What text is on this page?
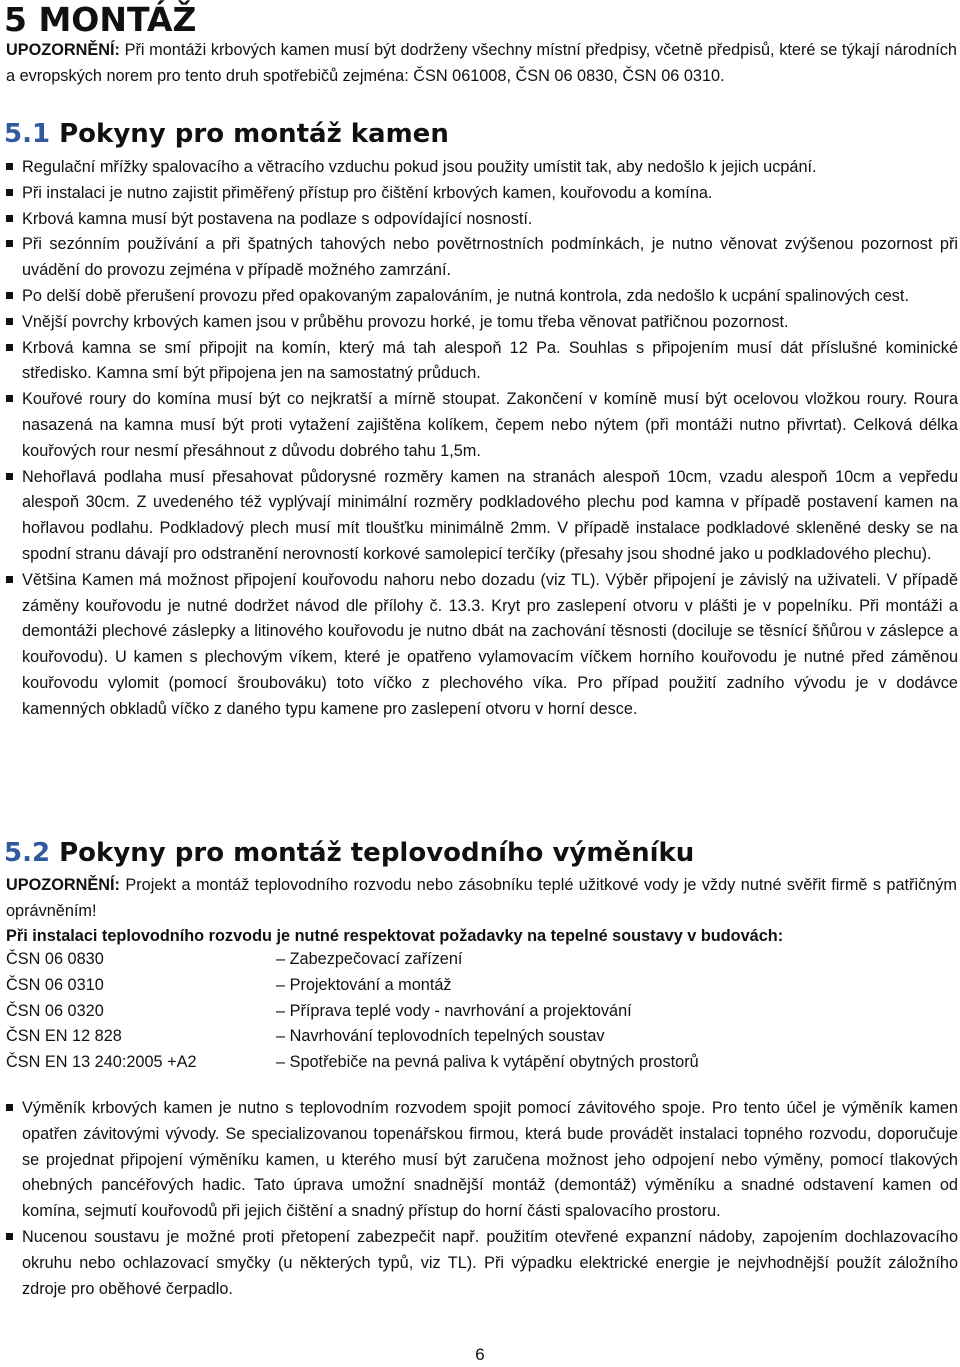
5 MONTÁŽ

UPOZORNĚNÍ: Při montáži krbových kamen musí být dodrženy všechny místní předpisy, včetně předpisů, které se týkají národních a evropských norem pro tento druh spotřebičů zejména: ČSN 061008, ČSN 06 0830, ČSN 06 0310.

5.1 Pokyny pro montáž kamen
Regulační mřížky spalovacího a větracího vzduchu pokud jsou použity umístit tak, aby nedošlo k jejich ucpání.
Při instalaci je nutno zajistit přiměřený přístup pro čištění krbových kamen, kouřovodu a komína.
Krbová kamna musí být postavena na podlaze s odpovídající nosností.
Při sezónním používání a při špatných tahových nebo povětrnostních podmínkách, je nutno věnovat zvýšenou pozornost při uvádění do provozu zejména v případě možného zamrzání.
Po delší době přerušení provozu před opakovaným zapalováním, je nutná kontrola, zda nedošlo k ucpání spalinových cest.
Vnější povrchy krbových kamen jsou v průběhu provozu horké, je tomu třeba věnovat patřičnou pozornost.
Krbová kamna se smí připojit na komín, který má tah alespoň 12 Pa. Souhlas s připojením musí dát příslušné kominické středisko. Kamna smí být připojena jen na samostatný průduch.
Kouřové roury do komína musí být co nejkratší a mírně stoupat. Zakončení v komíně musí být ocelovou vložkou roury. Roura nasazená na kamna musí být proti vytažení zajištěna kolíkem, čepem nebo nýtem (při montáži nutno přivrtat). Celková délka kouřových rour nesmí přesáhnout z důvodu dobrého tahu 1,5m.
Nehořlavá podlaha musí přesahovat půdorysné rozměry kamen na stranách alespoň 10cm, vzadu alespoň 10cm a vepředu alespoň 30cm. Z uvedeného též vyplývají minimální rozměry podkladového plechu pod kamna v případě postavení kamen na hořlavou podlahu. Podkladový plech musí mít tloušťku minimálně 2mm. V případě instalace podkladové skleněné desky se na spodní stranu dávají pro odstranění nerovností korkové samolepicí terčíky (přesahy jsou shodné jako u podkladového plechu).
Většina Kamen má možnost připojení kouřovodu nahoru nebo dozadu (viz TL). Výběr připojení je závislý na uživateli. V případě záměny kouřovodu je nutné dodržet návod dle přílohy č. 13.3. Kryt pro zaslepení otvoru v plášti je v popelníku. Při montáži a demontáži plechové záslepky a litinového kouřovodu je nutno dbát na zachování těsnosti (dociluje se těsnící šňůrou v záslepce a kouřovodu). U kamen s plechovým víkem, které je opatřeno vylamovacím víčkem horního kouřovodu je nutné před záměnou kouřovodu vylomit (pomocí šroubováku) toto víčko z plechového víka. Pro případ použití zadního vývodu je v dodávce kamenných obkladů víčko z daného typu kamene pro zaslepení otvoru v horní desce.
5.2 Pokyny pro montáž teplovodního výměníku

UPOZORNĚNÍ: Projekt a montáž teplovodního rozvodu nebo zásobníku teplé užitkové vody je vždy nutné svěřit firmě s patřičným oprávněním!

Při instalaci teplovodního rozvodu je nutné respektovat požadavky na tepelné soustavy v budovách:

ČSN 06 0830	– Zabezpečovací zařízení
ČSN 06 0310	– Projektování a montáž
ČSN 06 0320	– Příprava teplé vody - navrhování a projektování
ČSN EN 12 828	– Navrhování teplovodních tepelných soustav
ČSN EN 13 240:2005 +A2	– Spotřebiče na pevná paliva k vytápění obytných prostorů
Výměník krbových kamen je nutno s teplovodním rozvodem spojit pomocí závitového spoje. Pro tento účel je výměník kamen opatřen závitovými vývody. Se specializovanou topenářskou firmou, která bude provádět instalaci topného rozvodu, doporučuje se projednat připojení výměníku kamen, u kterého musí být zaručena možnost jeho odpojení nebo výměny, pomocí tlakových ohebných pancéřových hadic. Tato úprava umožní snadnější montáž (demontáž) výměníku a snadné odstavení kamen od komína, sejmutí kouřovodů při jejich čištění a snadný přístup do horní části spalovacího prostoru.
Nucenou soustavu je možné proti přetopení zabezpečit např. použitím otevřené expanzní nádoby, zapojením dochlazovacího okruhu nebo ochlazovací smyčky (u některých typů, viz TL). Při výpadku elektrické energie je nejvhodnější použít záložního zdroje pro oběhové čerpadlo.
6
